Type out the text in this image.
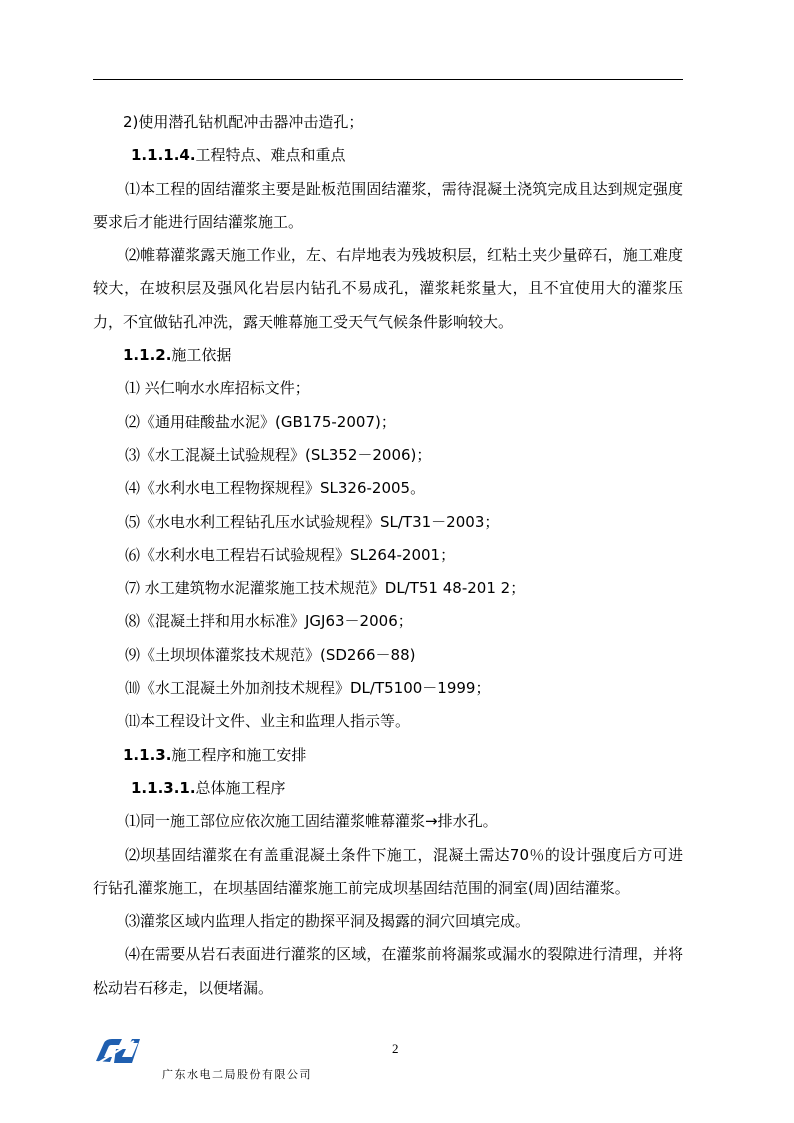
2)使用潜孔钻机配冲击器冲击造孔；

1.1.1.4.工程特点、难点和重点

⑴本工程的固结灌浆主要是趾板范围固结灌浆，需待混凝土浇筑完成且达到规定强度要求后才能进行固结灌浆施工。

⑵帷幕灌浆露天施工作业，左、右岸地表为残坡积层，红粘土夹少量碎石，施工难度较大，在坡积层及强风化岩层内钻孔不易成孔，灌浆耗浆量大，且不宜使用大的灌浆压力，不宜做钻孔冲洗，露天帷幕施工受天气气候条件影响较大。

1.1.2.施工依据

⑴ 兴仁响水水库招标文件；

⑵《通用硅酸盐水泥》(GB175-2007)；

⑶《水工混凝土试验规程》(SL352－2006)；

⑷《水利水电工程物探规程》SL326-2005。

⑸《水电水利工程钻孔压水试验规程》SL/T31－2003；

⑹《水利水电工程岩石试验规程》SL264-2001；

⑺ 水工建筑物水泥灌浆施工技术规范》DL/T51 48-201 2；

⑻《混凝土拌和用水标准》JGJ63－2006；

⑼《土坝坝体灌浆技术规范》(SD266－88)

⑽《水工混凝土外加剂技术规程》DL/T5100－1999；

⑾本工程设计文件、业主和监理人指示等。

1.1.3.施工程序和施工安排

1.1.3.1.总体施工程序

⑴同一施工部位应依次施工固结灌浆帷幕灌浆→排水孔。

⑵坝基固结灌浆在有盖重混凝土条件下施工，混凝土需达70％的设计强度后方可进行钻孔灌浆施工，在坝基固结灌浆施工前完成坝基固结范围的洞室(周)固结灌浆。

⑶灌浆区域内监理人指定的勘探平洞及揭露的洞穴回填完成。

⑷在需要从岩石表面进行灌浆的区域，在灌浆前将漏浆或漏水的裂隙进行清理，并将松动岩石移走，以便堵漏。

2
广东水电二局股份有限公司
